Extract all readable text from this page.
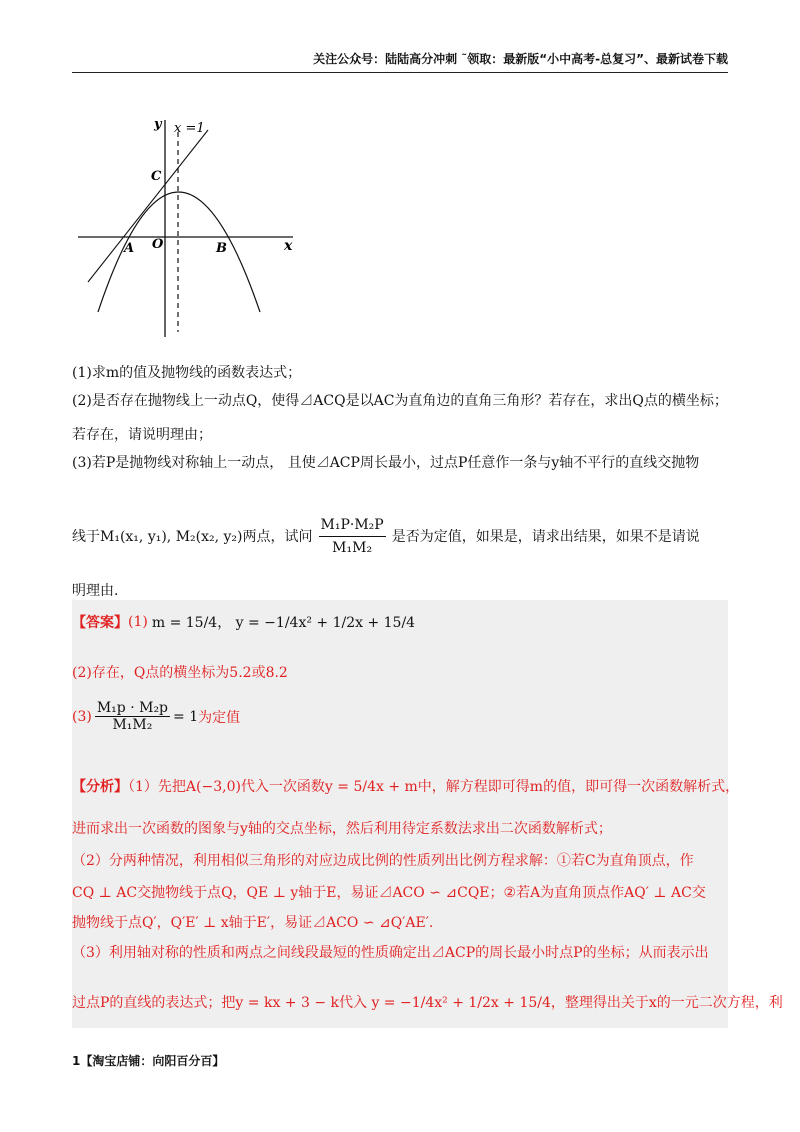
关注公众号：陆陆高分冲刺 ˜领取：最新版“小中高考-总复习”、最新试卷下载
y x =1
C
A O	B	x
(1)求m的值及抛物线的函数表达式；
(2)是否存在抛物线上一动点Q，使得⊿ACQ是以AC为直角边的直角三角形？若存在，求出Q点的横坐标；
若存在，请说明理由；
(3)若P是抛物线对称轴上一动点， 且使⊿ACP周长最小，过点P任意作一条与y轴不平行的直线交抛物
线于M₁(x₁, y₁), M₂(x₂, y₂)两点，试问 $\frac{\text{M₁P·M₂P}}{\text{M₁M₂}}$ 是否为定值，如果是，请求出结果，如果不是请说
明理由.
【答案】 (1) m = 15/4， y = −1/4x² + 1/2x + 15/4
(2)存在，Q点的横坐标为5.2或8.2
$(3) \frac{\text{M₁p · M₂p}}{\text{M₁M₂}} = 1$ 为定值
【分析】（1）先把A(−3,0)代入一次函数y = 5/4x + m中，解方程即可得m的值，即可得一次函数解析式，
进而求出一次函数的图象与y轴的交点坐标，然后利用待定系数法求出二次函数解析式；
（2）分两种情况，利用相似三角形的对应边成比例的性质列出比例方程求解：①若C为直角顶点，作
CQ ⊥ AC交抛物线于点Q，QE ⊥ y轴于E，易证⊿ACO ∽ ⊿CQE；②若A为直角顶点作AQ′ ⊥ AC交
抛物线于点Q′，Q′E′ ⊥ x轴于E′，易证⊿ACO ∽ ⊿Q′AE′.
（3）利用轴对称的性质和两点之间线段最短的性质确定出⊿ACP的周长最小时点P的坐标；从而表示出
过点P的直线的表达式；把y = kx + 3 − k代入 y = −1/4x² + 1/2x + 15/4，整理得出关于x的一元二次方程，利
1【淘宝店铺：向阳百分百】
